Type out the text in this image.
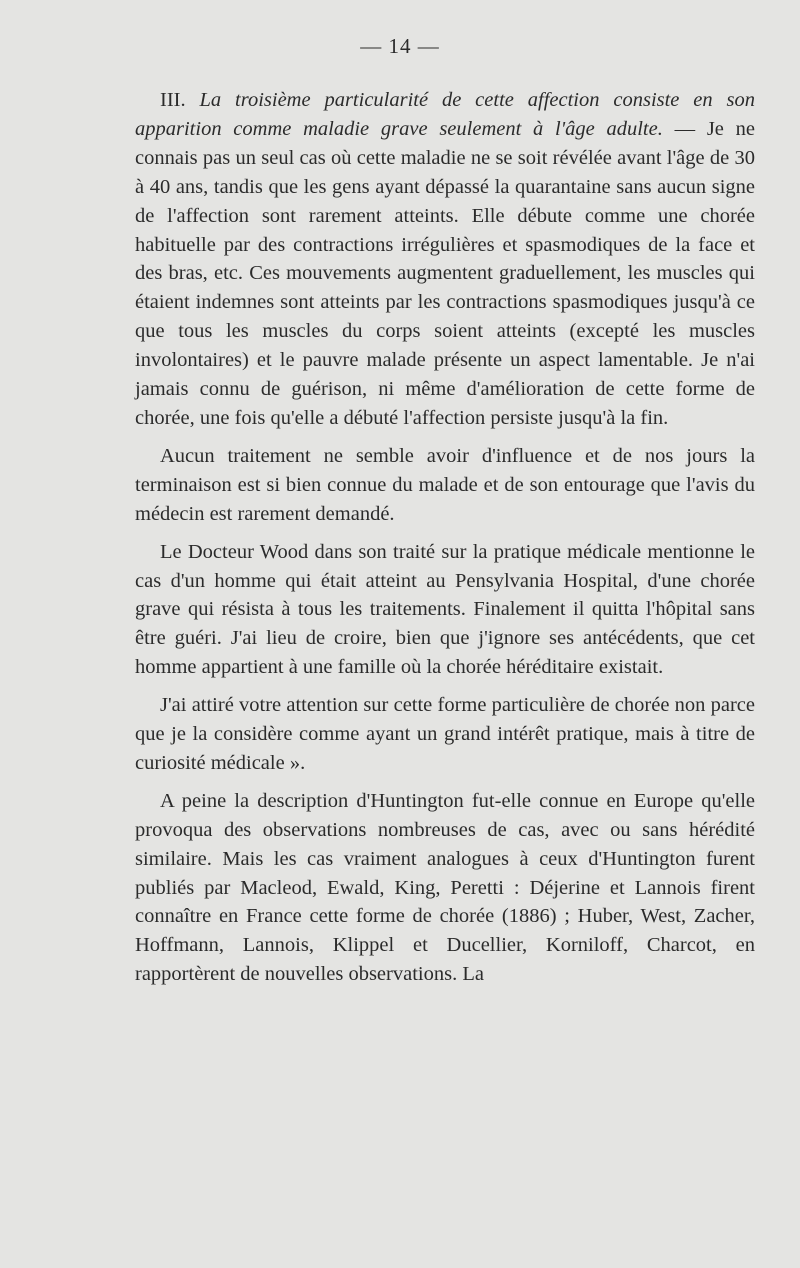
— 14 —

III. La troisième particularité de cette affection consiste en son apparition comme maladie grave seulement à l'âge adulte. — Je ne connais pas un seul cas où cette maladie ne se soit révélée avant l'âge de 30 à 40 ans, tandis que les gens ayant dépassé la quarantaine sans aucun signe de l'affection sont rarement atteints. Elle débute comme une chorée habituelle par des contractions irrégulières et spasmodiques de la face et des bras, etc. Ces mouvements augmentent graduellement, les muscles qui étaient indemnes sont atteints par les contractions spasmodiques jusqu'à ce que tous les muscles du corps soient atteints (excepté les muscles involontaires) et le pauvre malade présente un aspect lamentable. Je n'ai jamais connu de guérison, ni même d'amélioration de cette forme de chorée, une fois qu'elle a débuté l'affection persiste jusqu'à la fin.

Aucun traitement ne semble avoir d'influence et de nos jours la terminaison est si bien connue du malade et de son entourage que l'avis du médecin est rarement demandé.

Le Docteur Wood dans son traité sur la pratique médicale mentionne le cas d'un homme qui était atteint au Pensylvania Hospital, d'une chorée grave qui résista à tous les traitements. Finalement il quitta l'hôpital sans être guéri. J'ai lieu de croire, bien que j'ignore ses antécédents, que cet homme appartient à une famille où la chorée héréditaire existait.

J'ai attiré votre attention sur cette forme particulière de chorée non parce que je la considère comme ayant un grand intérêt pratique, mais à titre de curiosité médicale ».

A peine la description d'Huntington fut-elle connue en Europe qu'elle provoqua des observations nombreuses de cas, avec ou sans hérédité similaire. Mais les cas vraiment analogues à ceux d'Huntington furent publiés par Macleod, Ewald, King, Peretti : Déjerine et Lannois firent connaître en France cette forme de chorée (1886) ; Huber, West, Zacher, Hoffmann, Lannois, Klippel et Ducellier, Korniloff, Charcot, en rapportèrent de nouvelles observations. La
